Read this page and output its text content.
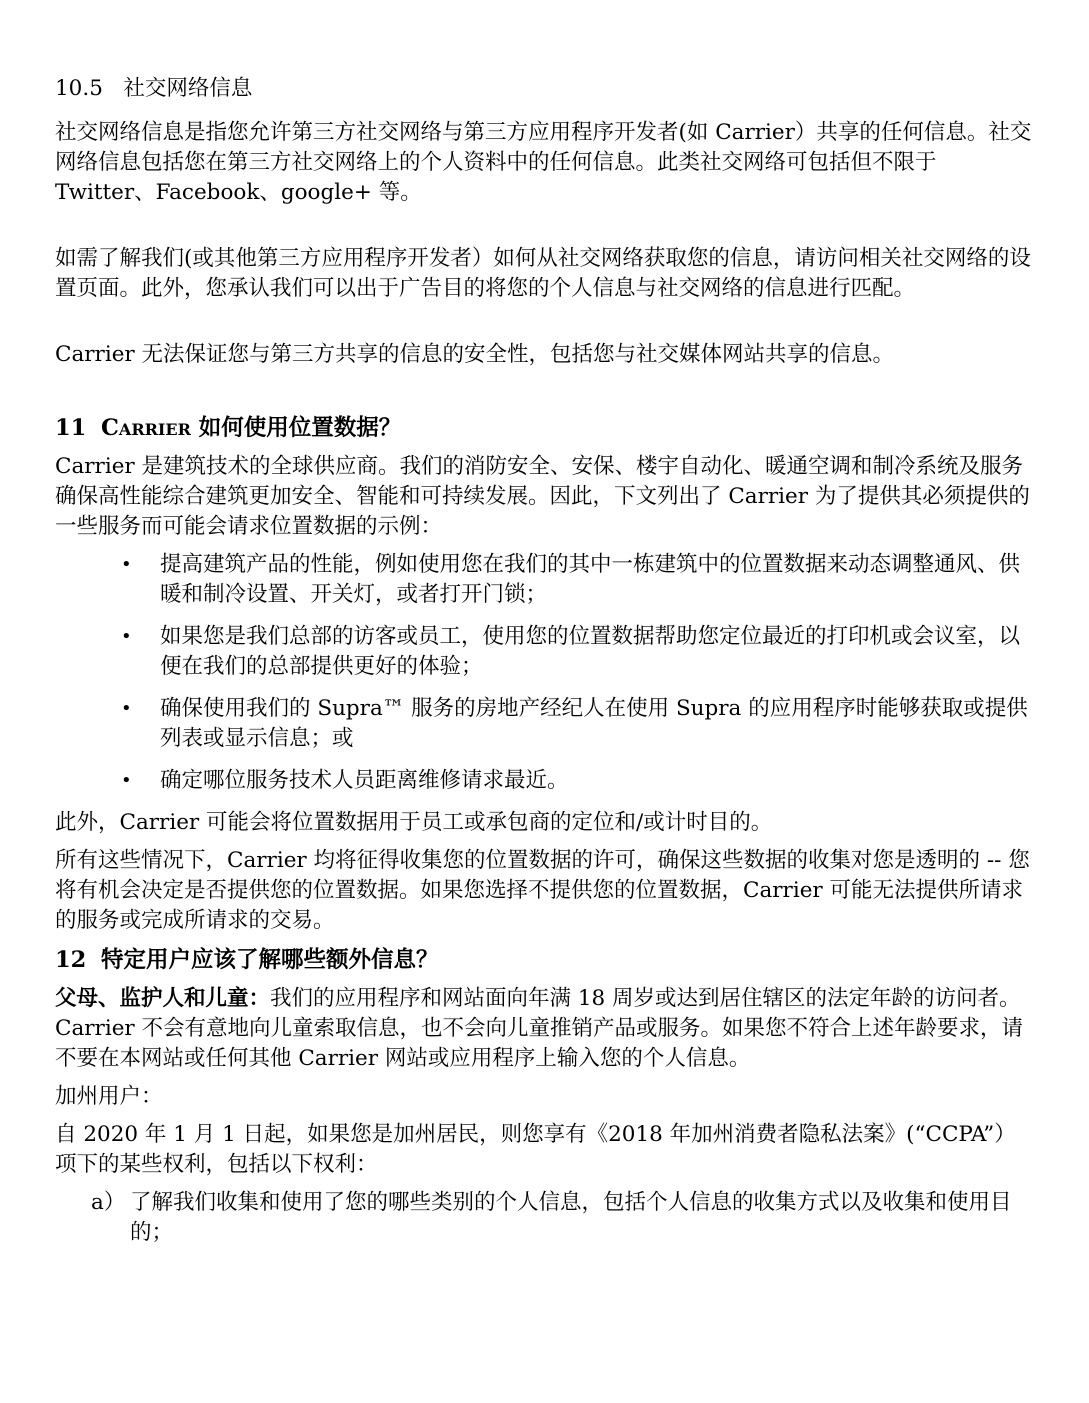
10.5 社交网络信息

社交网络信息是指您允许第三方社交网络与第三方应用程序开发者(如 Carrier）共享的任何信息。社交网络信息包括您在第三方社交网络上的个人资料中的任何信息。此类社交网络可包括但不限于 Twitter、Facebook、google+ 等。

如需了解我们(或其他第三方应用程序开发者）如何从社交网络获取您的信息，请访问相关社交网络的设置页面。此外，您承认我们可以出于广告目的将您的个人信息与社交网络的信息进行匹配。

Carrier 无法保证您与第三方共享的信息的安全性，包括您与社交媒体网站共享的信息。

11 Carrier 如何使用位置数据？

Carrier 是建筑技术的全球供应商。我们的消防安全、安保、楼宇自动化、暖通空调和制冷系统及服务确保高性能综合建筑更加安全、智能和可持续发展。因此，下文列出了 Carrier 为了提供其必须提供的一些服务而可能会请求位置数据的示例：

• 提高建筑产品的性能，例如使用您在我们的其中一栋建筑中的位置数据来动态调整通风、供暖和制冷设置、开关灯，或者打开门锁；
• 如果您是我们总部的访客或员工，使用您的位置数据帮助您定位最近的打印机或会议室，以便在我们的总部提供更好的体验；
• 确保使用我们的 Supra™ 服务的房地产经纪人在使用 Supra 的应用程序时能够获取或提供列表或显示信息；或
• 确定哪位服务技术人员距离维修请求最近。

此外，Carrier 可能会将位置数据用于员工或承包商的定位和/或计时目的。

所有这些情况下，Carrier 均将征得收集您的位置数据的许可，确保这些数据的收集对您是透明的 -- 您将有机会决定是否提供您的位置数据。如果您选择不提供您的位置数据，Carrier 可能无法提供所请求的服务或完成所请求的交易。

12 特定用户应该了解哪些额外信息？

父母、监护人和儿童：我们的应用程序和网站面向年满 18 周岁或达到居住辖区的法定年龄的访问者。Carrier 不会有意地向儿童索取信息，也不会向儿童推销产品或服务。如果您不符合上述年龄要求，请不要在本网站或任何其他 Carrier 网站或应用程序上输入您的个人信息。

加州用户：

自 2020 年 1 月 1 日起，如果您是加州居民，则您享有《2018 年加州消费者隐私法案》(“CCPA”） 项下的某些权利，包括以下权利：

a） 了解我们收集和使用了您的哪些类别的个人信息，包括个人信息的收集方式以及收集和使用目的；
